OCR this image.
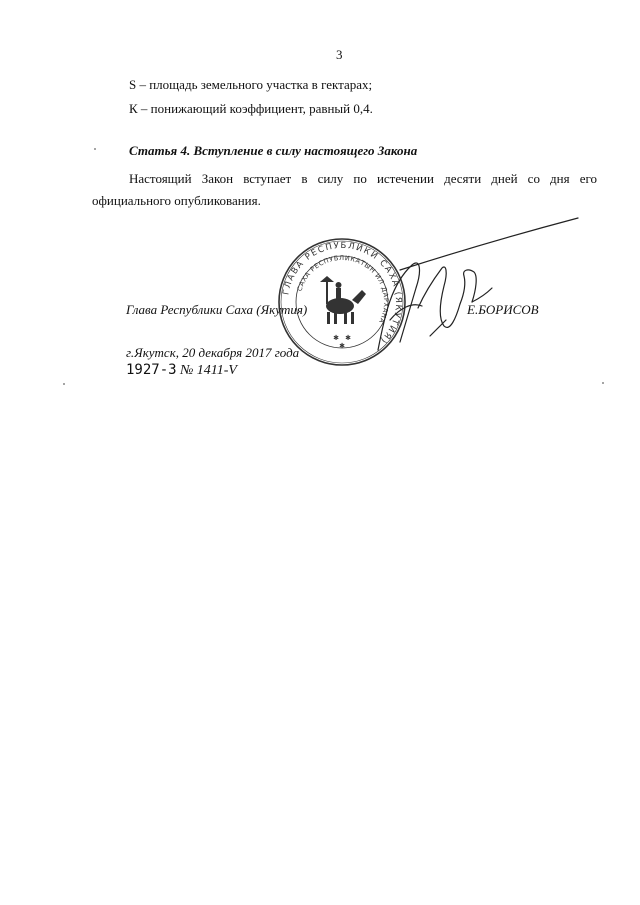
3
S – площадь земельного участка в гектарах;
К – понижающий коэффициент, равный 0,4.
Статья 4. Вступление в силу настоящего Закона
Настоящий Закон вступает в силу по истечении десяти дней со дня его официального опубликования.
ГЛАВА РЕСПУБЛИКИ САХА (ЯКУТИЯ)
САХА РЕСПУБЛИКАТЫН ИЛ ДАРХАНА
✱ ✱
✱
Глава Республики Саха (Якутия)	Е.БОРИСОВ
г.Якутск, 20 декабря 2017 года
1927-З № 1411-V
